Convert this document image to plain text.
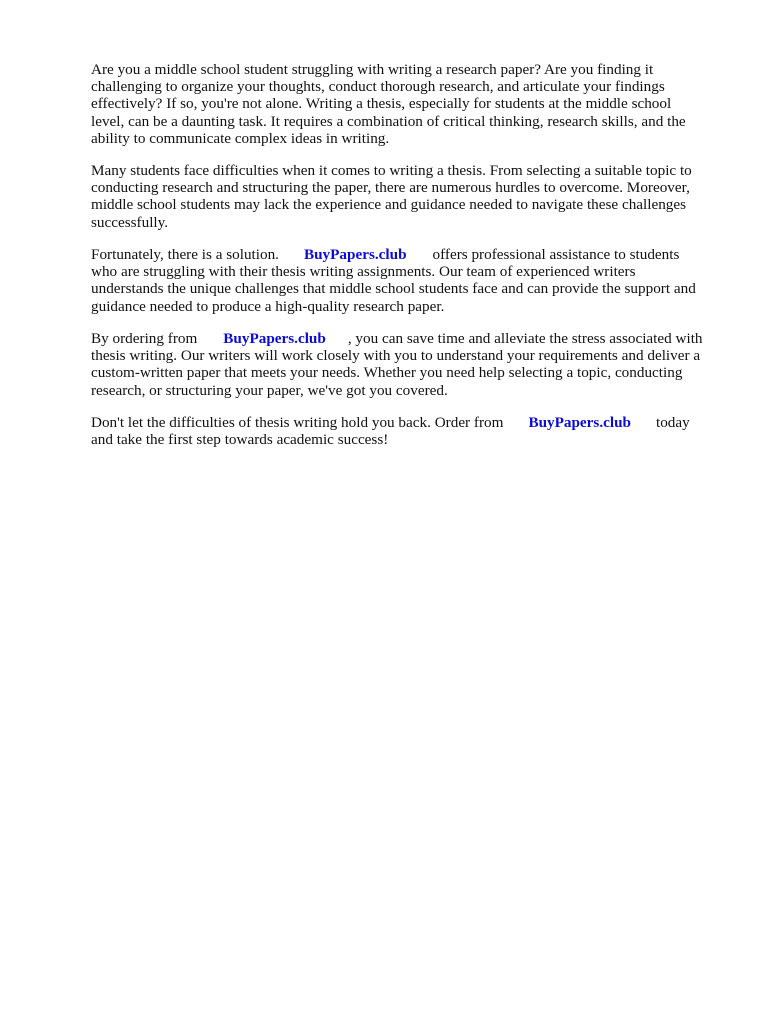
Are you a middle school student struggling with writing a research paper? Are you finding it
challenging to organize your thoughts, conduct thorough research, and articulate your findings
effectively? If so, you're not alone. Writing a thesis, especially for students at the middle school
level, can be a daunting task. It requires a combination of critical thinking, research skills, and the
ability to communicate complex ideas in writing.

Many students face difficulties when it comes to writing a thesis. From selecting a suitable topic to
conducting research and structuring the paper, there are numerous hurdles to overcome. Moreover,
middle school students may lack the experience and guidance needed to navigate these challenges
successfully.

Fortunately, there is a solution. BuyPapers.club offers professional assistance to students
who are struggling with their thesis writing assignments. Our team of experienced writers
understands the unique challenges that middle school students face and can provide the support and
guidance needed to produce a high-quality research paper.

By ordering from BuyPapers.club , you can save time and alleviate the stress associated with
thesis writing. Our writers will work closely with you to understand your requirements and deliver a
custom-written paper that meets your needs. Whether you need help selecting a topic, conducting
research, or structuring your paper, we've got you covered.

Don't let the difficulties of thesis writing hold you back. Order from BuyPapers.club today
and take the first step towards academic success!
